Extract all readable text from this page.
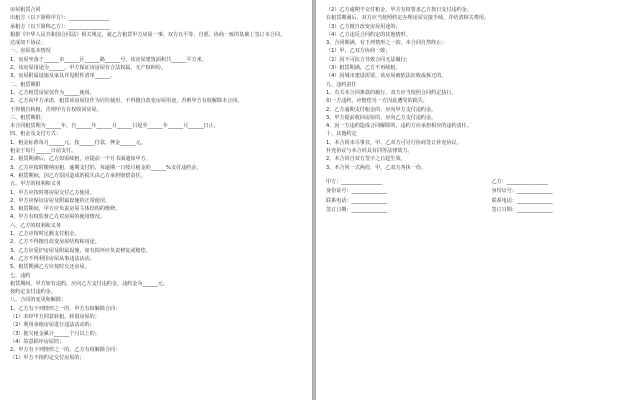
房屋租赁合同
出租方（以下简称甲方）：________________
承租方（以下简称乙方）：________________
根据《中华人民共和国合同法》相关规定，就乙方租赁甲方房屋一事，双方在平等、自愿、协商一致的基础上签订本合同。
达成如下协议：
一、房屋基本情况
1、房屋坐落于______市______区______路______号，该房屋建筑面积共______平方米。
2、该房屋用途为______，甲方保证该房屋有合法权属，无产权纠纷。
3、房屋附属设施及家具详见附件清单______。
二、租赁期限
1、乙方租赁房屋仅作为______使用。
2、乙方向甲方承诺，租赁该房屋仅作为居住使用，不得擅自改变房屋用途，否则甲方有权解除本合同。
不得擅自转租，否则甲方有权收回房屋。
三、租赁期限：
本合同租赁期为______年，自______年______月______日起至______年______月______日止。
四、租金及支付方式：
1、租金标准每月______元，按______付款，押金______元。
租金于每月______日前支付。
2、租赁期满后，乙方如需续租，应提前一个月书面通知甲方。
3、乙方应按时缴纳房租，逾期支付的，每逾期一日按月租金的______%支付违约金。
4、租赁期间，因乙方原因造成的损失由乙方承担赔偿责任。
五、甲方的权利和义务
1、甲方应按时将房屋交付乙方使用。
2、甲方应保证房屋及附属设施的正常使用。
3、租赁期间，甲方应负责房屋主体结构的维修。
4、甲方有权监督乙方对房屋的使用情况。
六、乙方的权利和义务
1、乙方应按时足额支付租金。
2、乙方不得擅自改变房屋结构和用途。
3、乙方应爱护房屋及附属设施，如有损坏应负责修复或赔偿。
4、乙方不得利用房屋从事违法活动。
5、租赁期满乙方应按时交还房屋。
七、违约
租赁期间，甲方如有违约，应向乙方支付违约金，违约金为______元。
按约定支付违约金。
八、合同的变更和解除：
1、乙方有下列情形之一的，甲方有权解除合同：
（1）未经甲方同意转租、转借房屋的；
（2）利用承租房屋进行违法活动的；
（3）拖欠租金累计______个月以上的；
（4）故意损坏房屋的；
2、甲方有下列情形之一的，乙方有权解除合同：
（1）甲方不按约定交付房屋的；
（2）乙方逾期不交付租金，甲方有权要求乙方按日支付违约金。
在租赁期满后，双方应当按照约定办理房屋交接手续，并结清相关费用。
（3）乙方擅自改变房屋用途的；
（4）乙方违反合同约定的其他情形。
3、合同期满，有下列情形之一的，本合同自然终止：
（1）甲、乙双方协商一致；
（2）因不可抗力导致合同无法履行；
（3）租赁期满，乙方不再续租。
（4）因城市建设需要，该房屋被依法征收或拆迁的。
九、违约责任
1、有关本合同条款的履行，双方应当按照合同约定执行。
如一方违约，应赔偿另一方因此遭受的损失。
2、乙方逾期支付租金的，应向甲方支付违约金。
3、甲方提前收回房屋的，应向乙方支付违约金。
4、因一方违约造成合同解除的，违约方应承担相应的违约责任。
十、其他约定
1、本合同未尽事宜，甲、乙双方可另行协商签订补充协议。
补充协议与本合同具有同等法律效力。
2、本合同自双方签字之日起生效。
3、本合同一式两份，甲、乙双方各执一份。
甲方：________________	乙方：________________
身份证号：______________	身份证号：______________
联系电话：______________	联系电话：______________
签订日期：______________	签订日期：______________
